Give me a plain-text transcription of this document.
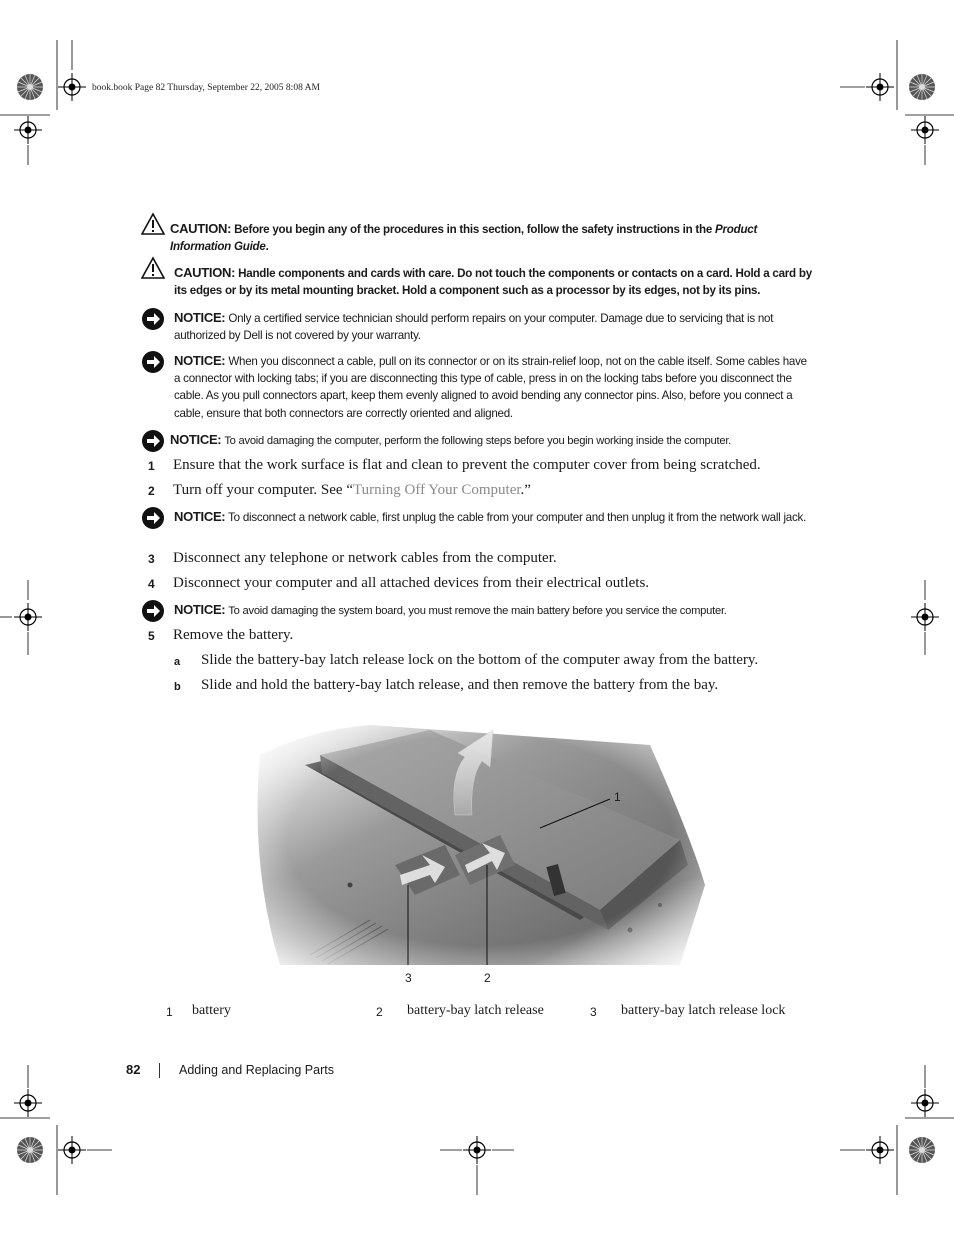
book.book Page 82 Thursday, September 22, 2005 8:08 AM
CAUTION: Before you begin any of the procedures in this section, follow the safety instructions in the Product Information Guide.
CAUTION: Handle components and cards with care. Do not touch the components or contacts on a card. Hold a card by its edges or by its metal mounting bracket. Hold a component such as a processor by its edges, not by its pins.
NOTICE: Only a certified service technician should perform repairs on your computer. Damage due to servicing that is not authorized by Dell is not covered by your warranty.
NOTICE: When you disconnect a cable, pull on its connector or on its strain-relief loop, not on the cable itself. Some cables have a connector with locking tabs; if you are disconnecting this type of cable, press in on the locking tabs before you disconnect the cable. As you pull connectors apart, keep them evenly aligned to avoid bending any connector pins. Also, before you connect a cable, ensure that both connectors are correctly oriented and aligned.
NOTICE: To avoid damaging the computer, perform the following steps before you begin working inside the computer.
1	Ensure that the work surface is flat and clean to prevent the computer cover from being scratched.
2	Turn off your computer. See “Turning Off Your Computer.”
NOTICE: To disconnect a network cable, first unplug the cable from your computer and then unplug it from the network wall jack.
3	Disconnect any telephone or network cables from the computer.
4	Disconnect your computer and all attached devices from their electrical outlets.
NOTICE: To avoid damaging the system board, you must remove the main battery before you service the computer.
5	Remove the battery.
a Slide the battery-bay latch release lock on the bottom of the computer away from the battery.
b Slide and hold the battery-bay latch release, and then remove the battery from the bay.
1
3	2
1 battery	2 battery-bay latch release	3 battery-bay latch release lock
82	Adding and Replacing Parts
